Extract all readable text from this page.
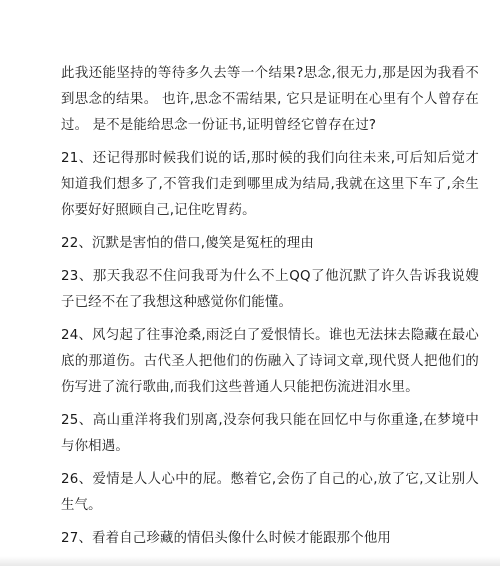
此我还能坚持的等待多久去等一个结果?思念,很无力,那是因为我看不到思念的结果。 也许,思念不需结果, 它只是证明在心里有个人曾存在过。 是不是能给思念一份证书,证明曾经它曾存在过?

21、还记得那时候我们说的话,那时候的我们向往未来,可后知后觉才知道我们想多了,不管我们走到哪里成为结局,我就在这里下车了,余生你要好好照顾自己,记住吃胃药。

22、沉默是害怕的借口,傻笑是冤枉的理由

23、那天我忍不住问我哥为什么不上QQ了他沉默了许久告诉我说嫂子已经不在了我想这种感觉你们能懂。

24、风匀起了往事沧桑,雨泛白了爱恨情长。谁也无法抹去隐藏在最心底的那道伤。古代圣人把他们的伤融入了诗词文章,现代贤人把他们的伤写进了流行歌曲,而我们这些普通人只能把伤流进泪水里。

25、高山重洋将我们别离,没奈何我只能在回忆中与你重逢,在梦境中与你相遇。

26、爱情是人人心中的屁。憋着它,会伤了自己的心,放了它,又让别人生气。

27、看着自己珍藏的情侣头像什么时候才能跟那个他用
